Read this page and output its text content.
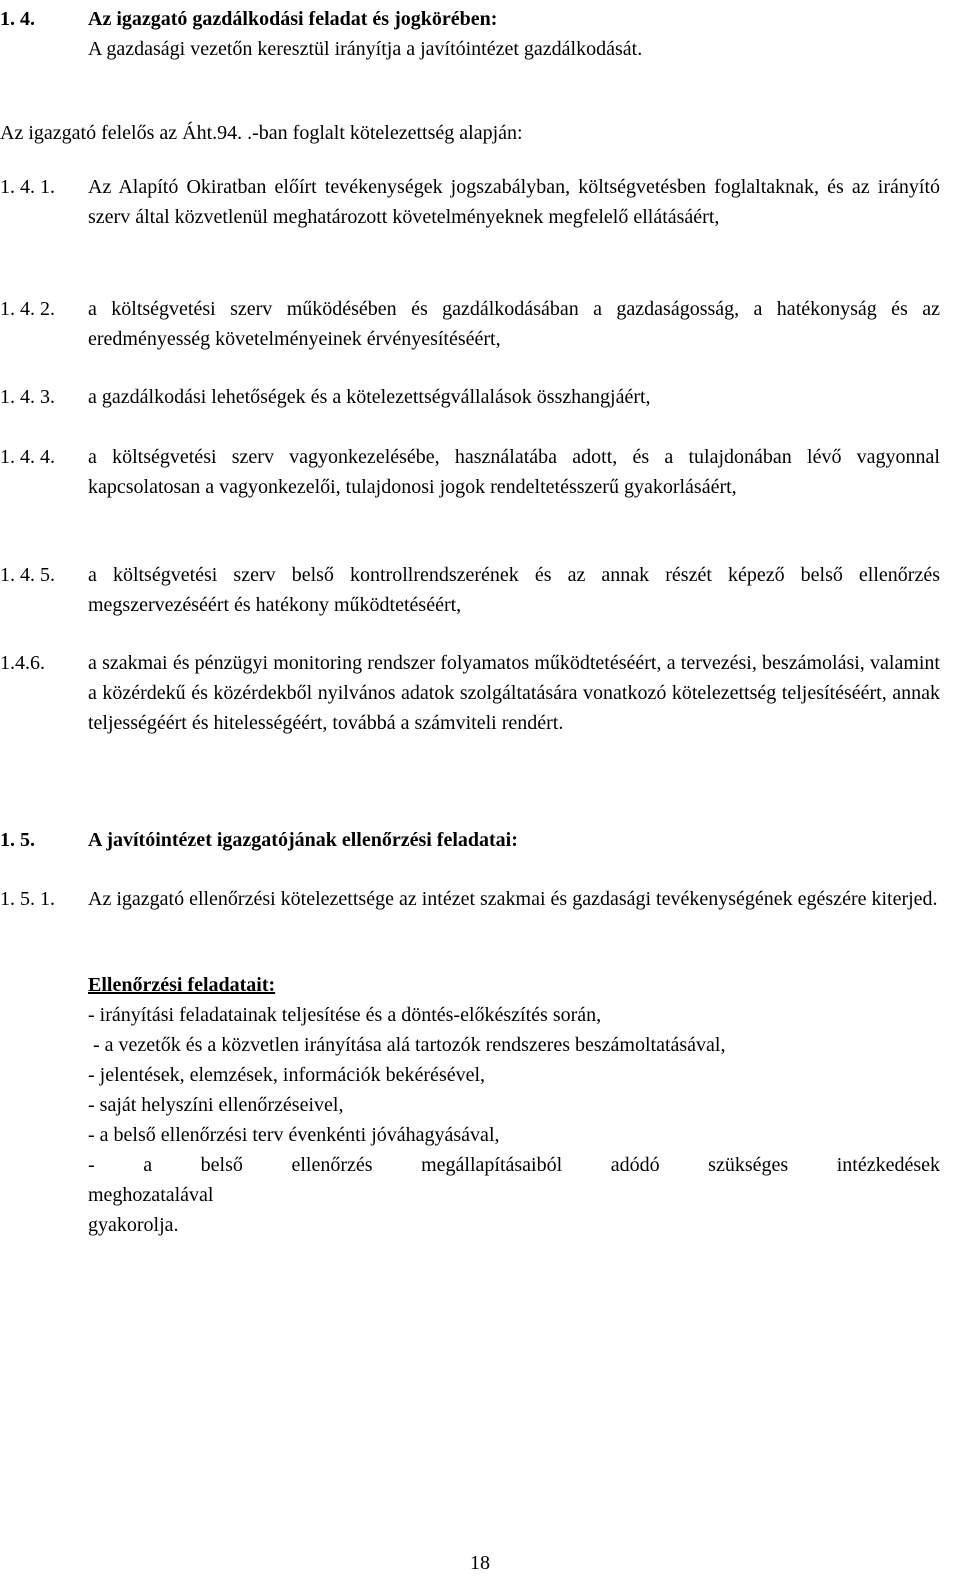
1. 4.	Az igazgató gazdálkodási feladat és jogkörében:
A gazdasági vezetőn keresztül irányítja a javítóintézet gazdálkodását.
Az igazgató felelős az Áht.94. .-ban foglalt kötelezettség alapján:
1. 4. 1.	Az Alapító Okiratban előírt tevékenységek jogszabályban, költségvetésben foglaltaknak, és az irányító szerv által közvetlenül meghatározott követelményeknek megfelelő ellátásáért,
1. 4. 2.	a költségvetési szerv működésében és gazdálkodásában a gazdaságosság, a hatékonyság és az eredményesség követelményeinek érvényesítéséért,
1. 4. 3.	a gazdálkodási lehetőségek és a kötelezettségvállalások összhangjáért,
1. 4. 4.	a költségvetési szerv vagyonkezelésébe, használatába adott, és a tulajdonában lévő vagyonnal kapcsolatosan a vagyonkezelői, tulajdonosi jogok rendeltetésszerű gyakorlásáért,
1. 4. 5.	a költségvetési szerv belső kontrollrendszerének és az annak részét képező belső ellenőrzés megszervezéséért és hatékony működtetéséért,
1.4.6.	a szakmai és pénzügyi monitoring rendszer folyamatos működtetéséért, a tervezési, beszámolási, valamint a közérdekű és közérdekből nyilvános adatok szolgáltatására vonatkozó kötelezettség teljesítéséért, annak teljességéért és hitelességéért, továbbá a számviteli rendért.
1. 5.	A javítóintézet igazgatójának ellenőrzési feladatai:
1. 5. 1.	Az igazgató ellenőrzési kötelezettsége az intézet szakmai és gazdasági tevékenységének egészére kiterjed.
Ellenőrzési feladatait:
- irányítási feladatainak teljesítése és a döntés-előkészítés során,
- a vezetők és a közvetlen irányítása alá tartozók rendszeres beszámoltatásával,
- jelentések, elemzések, információk bekérésével,
- saját helyszíni ellenőrzéseivel,
- a belső ellenőrzési terv évenkénti jóváhagyásával,
- a belső ellenőrzés megállapításaiból adódó szükséges intézkedések
meghozatalával
gyakorolja.
18
